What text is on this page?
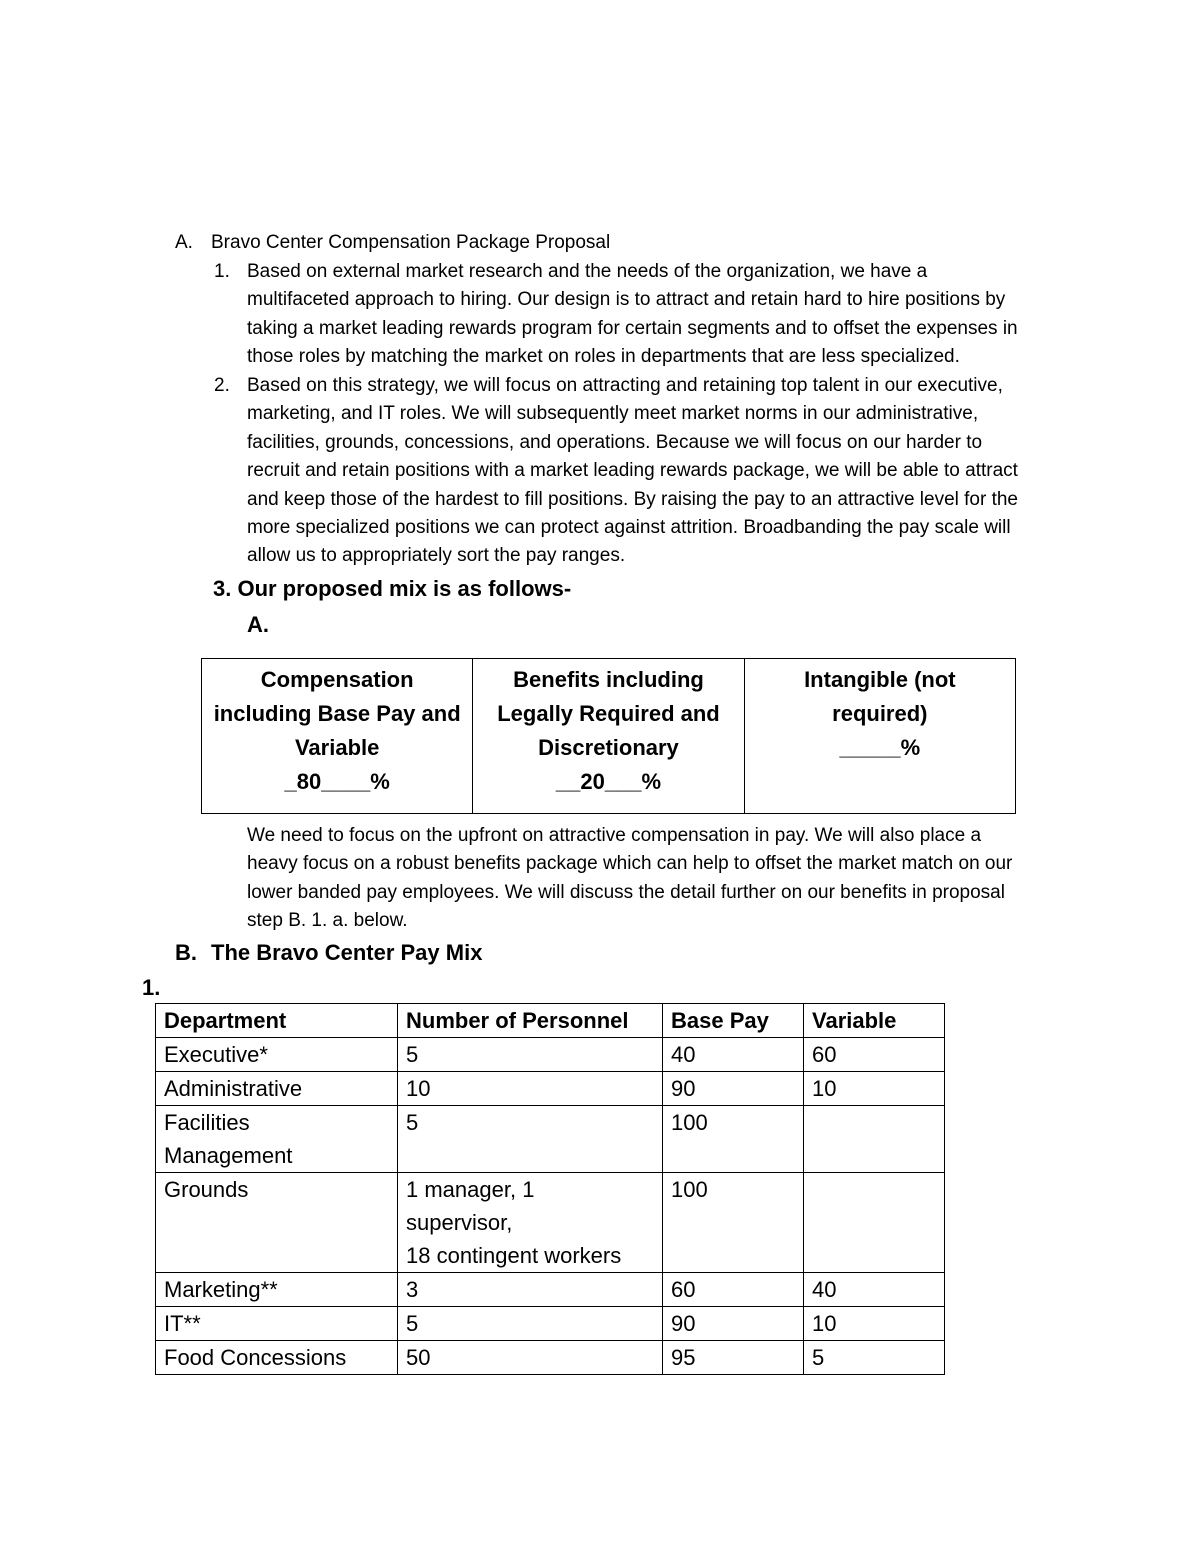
A. Bravo Center Compensation Package Proposal
1. Based on external market research and the needs of the organization, we have a
multifaceted approach to hiring. Our design is to attract and retain hard to hire positions by
taking a market leading rewards program for certain segments and to offset the expenses in
those roles by matching the market on roles in departments that are less specialized.
2. Based on this strategy, we will focus on attracting and retaining top talent in our executive,
marketing, and IT roles. We will subsequently meet market norms in our administrative,
facilities, grounds, concessions, and operations. Because we will focus on our harder to
recruit and retain positions with a market leading rewards package, we will be able to attract
and keep those of the hardest to fill positions. By raising the pay to an attractive level for the
more specialized positions we can protect against attrition. Broadbanding the pay scale will
allow us to appropriately sort the pay ranges.
3. Our proposed mix is as follows-
A.
Compensation
including Base Pay and
Variable
_80____%

Benefits including
Legally Required and
Discretionary
__20___%

Intangible (not
required)
_____%
We need to focus on the upfront on attractive compensation in pay. We will also place a
heavy focus on a robust benefits package which can help to offset the market match on our
lower banded pay employees. We will discuss the detail further on our benefits in proposal
step B. 1. a. below.
B. The Bravo Center Pay Mix
1.
Department	Number of Personnel	Base Pay	Variable
Executive*	5	40	60
Administrative	10	90	10

Facilities
Management	5	100	
Grounds	1 manager, 1
supervisor,
18 contingent workers	100	
Marketing**	3	60	40
IT**	5	90	10
Food Concessions	50	95	5
